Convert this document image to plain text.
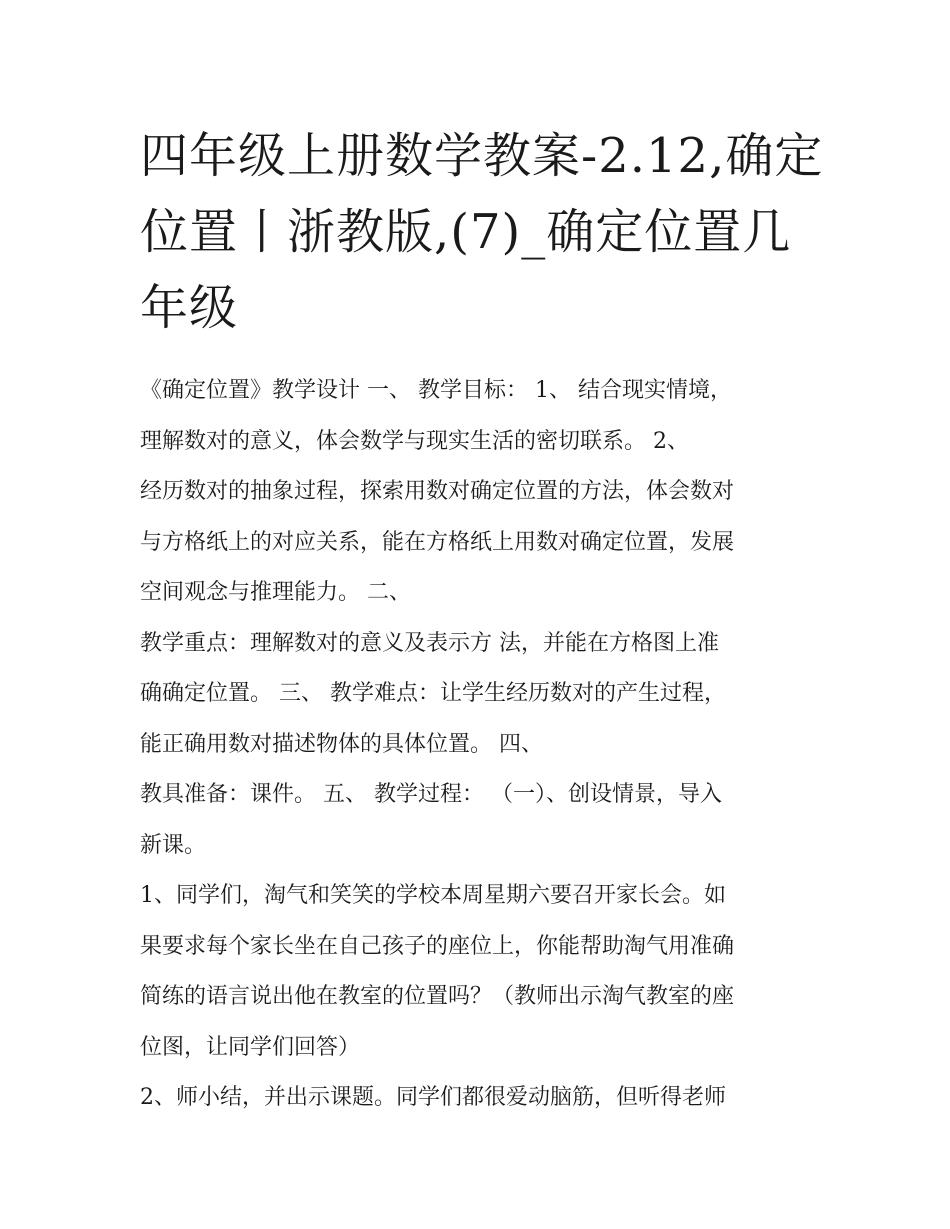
四年级上册数学教案-2.12,确定
位置丨浙教版,(7)_确定位置几
年级

《确定位置》教学设计 一、 教学目标： 1、 结合现实情境，

理解数对的意义，体会数学与现实生活的密切联系。 2、

经历数对的抽象过程，探索用数对确定位置的方法，体会数对

与方格纸上的对应关系，能在方格纸上用数对确定位置，发展

空间观念与推理能力。 二、

教学重点：理解数对的意义及表示方 法，并能在方格图上准

确确定位置。 三、 教学难点：让学生经历数对的产生过程，

能正确用数对描述物体的具体位置。 四、

教具准备：课件。 五、 教学过程： （一）、创设情景，导入

新课。

1、同学们，淘气和笑笑的学校本周星期六要召开家长会。如

果要求每个家长坐在自己孩子的座位上，你能帮助淘气用准确

简练的语言说出他在教室的位置吗？（教师出示淘气教室的座

位图，让同学们回答）

2、师小结，并出示课题。同学们都很爱动脑筋，但听得老师
